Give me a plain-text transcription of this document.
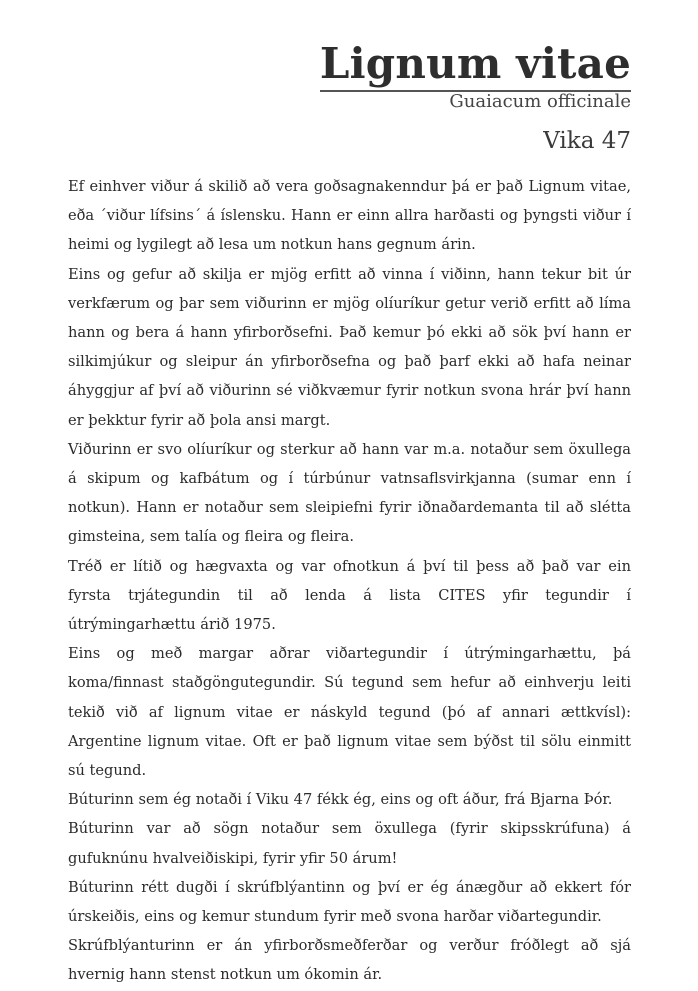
Lignum vitae
Guaiacum officinale
Vika 47

Ef einhver viður á skilið að vera goðsagnakenndur þá er það Lignum vitae, eða ´viður lífsins´ á íslensku. Hann er einn allra harðasti og þyngsti viður í heimi og lygilegt að lesa um notkun hans gegnum árin.

Eins og gefur að skilja er mjög erfitt að vinna í viðinn, hann tekur bit úr verkfærum og þar sem viðurinn er mjög olíuríkur getur verið erfitt að líma hann og bera á hann yfirborðsefni. Það kemur þó ekki að sök því hann er silkimjúkur og sleipur án yfirborðsefna og það þarf ekki að hafa neinar áhyggjur af því að viðurinn sé viðkvæmur fyrir notkun svona hrár því hann er þekktur fyrir að þola ansi margt.

Viðurinn er svo olíuríkur og sterkur að hann var m.a. notaður sem öxullega á skipum og kafbátum og í túrbúnur vatnsaflsvirkjanna (sumar enn í notkun). Hann er notaður sem sleipiefni fyrir iðnaðardemanta til að slétta gimsteina, sem talía og fleira og fleira.

Tréð er lítið og hægvaxta og var ofnotkun á því til þess að það var ein fyrsta trjátegundin til að lenda á lista CITES yfir tegundir í útrýmingarhættu árið 1975.

Eins og með margar aðrar viðartegundir í útrýmingarhættu, þá koma/finnast staðgöngutegundir. Sú tegund sem hefur að einhverju leiti tekið við af lignum vitae er náskyld tegund (þó af annari ættkvísl): Argentine lignum vitae. Oft er það lignum vitae sem býðst til sölu einmitt sú tegund.

Búturinn sem ég notaði í Viku 47 fékk ég, eins og oft áður, frá Bjarna Þór.

Búturinn var að sögn notaður sem öxullega (fyrir skipsskrúfuna) á gufuknúnu hvalveiðiskipi, fyrir yfir 50 árum!

Búturinn rétt dugði í skrúfblýantinn og því er ég ánægður að ekkert fór úrskeiðis, eins og kemur stundum fyrir með svona harðar viðartegundir.

Skrúfblýanturinn er án yfirborðsmeðferðar og verður fróðlegt að sjá hvernig hann stenst notkun um ókomin ár.
